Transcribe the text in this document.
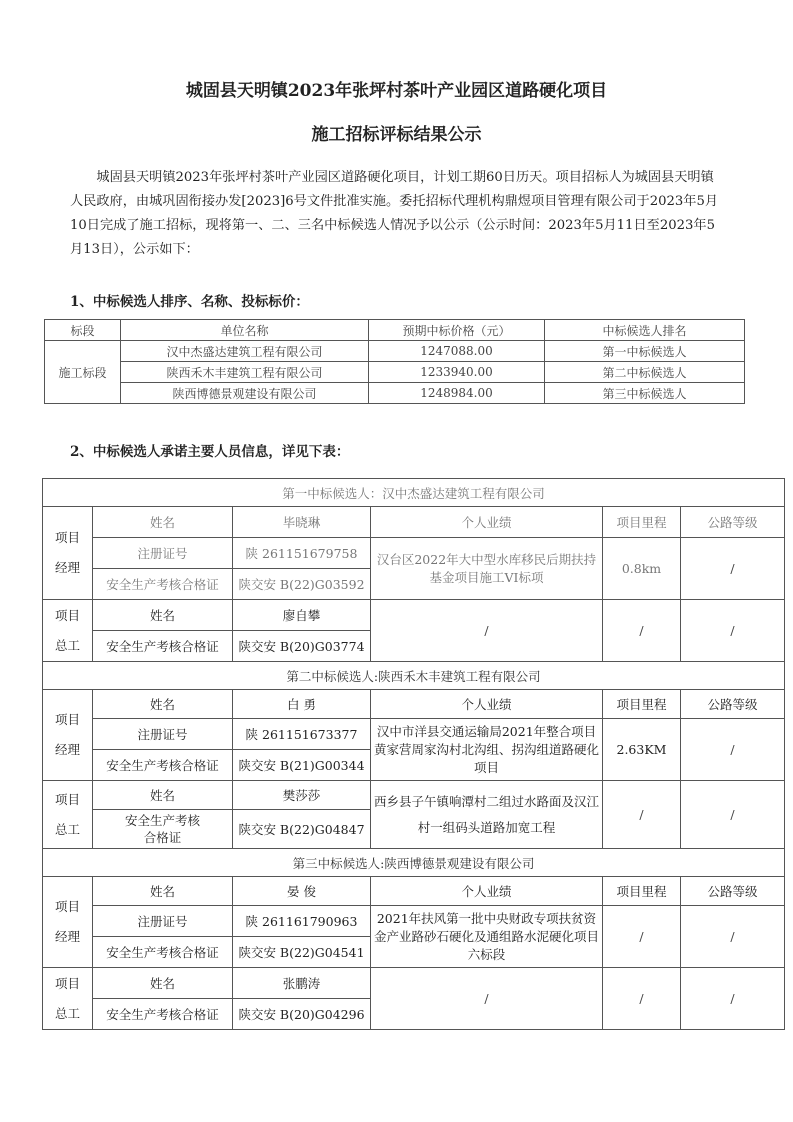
城固县天明镇2023年张坪村茶叶产业园区道路硬化项目
施工招标评标结果公示
城固县天明镇2023年张坪村茶叶产业园区道路硬化项目，计划工期60日历天。项目招标人为城固县天明镇人民政府，由城巩固衔接办发[2023]6号文件批准实施。委托招标代理机构鼎煜项目管理有限公司于2023年5月10日完成了施工招标，现将第一、二、三名中标候选人情况予以公示（公示时间：2023年5月11日至2023年5月13日），公示如下：
1、中标候选人排序、名称、投标标价：
标段	单位名称	预期中标价格（元）	中标候选人排名
施工标段	汉中杰盛达建筑工程有限公司	1247088.00	第一中标候选人
	陕西禾木丰建筑工程有限公司	1233940.00	第二中标候选人
	陕西博德景观建设有限公司	1248984.00	第三中标候选人
2、中标候选人承诺主要人员信息，详见下表：
第一中标候选人：汉中杰盛达建筑工程有限公司					
项目
经理	姓名	毕晓琳	个人业绩	项目里程	公路等级
	注册证号	陕 261151679758	汉台区2022年大中型水库移民后期扶持基金项目施工VI标项	0.8km	/
	安全生产考核合格证	陕交安 B(22)G03592			
项目
总工	姓名	廖自攀	/	/	/
	安全生产考核合格证	陕交安 B(20)G03774			
第二中标候选人:陕西禾木丰建筑工程有限公司					
项目
经理	姓名	白 勇	个人业绩	项目里程	公路等级
	注册证号	陕 261151673377	汉中市洋县交通运输局2021年整合项目黄家营周家沟村北沟组、拐沟组道路硬化项目	2.63KM	/
	安全生产考核合格证	陕交安 B(21)G00344			
项目
总工	姓名	樊莎莎	西乡县子午镇响潭村二组过水路面及汉江村一组码头道路加宽工程	/	/
	安全生产考核
合格证	陕交安 B(22)G04847			
第三中标候选人:陕西博德景观建设有限公司					
项目
经理	姓名	晏 俊	个人业绩	项目里程	公路等级
	注册证号	陕 261161790963	2021年扶风第一批中央财政专项扶贫资金产业路砂石硬化及通组路水泥硬化项目六标段	/	/
	安全生产考核合格证	陕交安 B(22)G04541			
项目
总工	姓名	张鹏涛	/	/	/
	安全生产考核合格证	陕交安 B(20)G04296			
